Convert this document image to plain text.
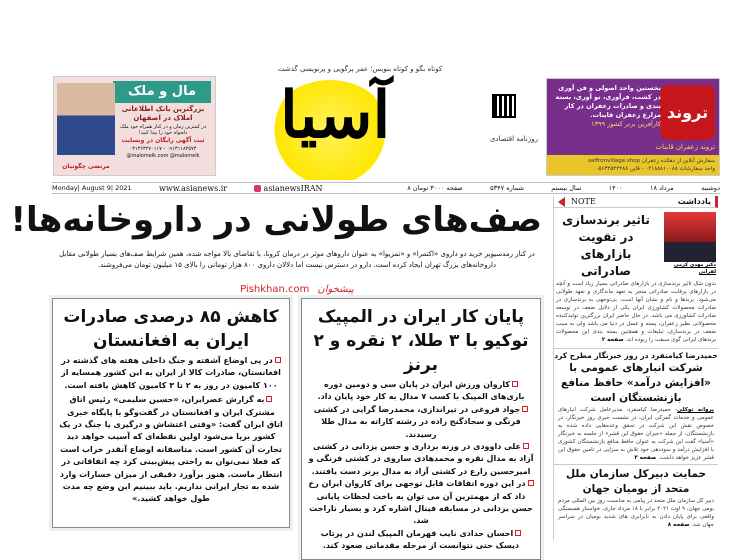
مال و ملک
بزرگترین بانک اطلاعاتی املاک در اصفهان
در کمترین زمان و در کنار همراه خود ملک دلخواه خود را پیدا کنید!
ثبت آگهی رایگان در وبسایت
۰۹۱۳۱۱۸۳۵۷۳ - ۰۳۱۳۶۳۲۷۰۱۱۷
@malomelk.com @malomelk
مرتضی چگونیان
کوتاه بگو و کوتاه بنویس؛ عمر پرگویی و پرنویسی گذشت
آسیا	روزنامه اقتصادی
تروند
نخستین واحد اصولی و فن آوری در کشت، فرآوری، نو آوری، بسته بندی و صادرات زعفران در کار مزارع زعفران قاینات.
کارآفرین برتر کشور ۱۳۹۹
تروند زعفران قاینات
سفارش آنلاین از دهکده زعفران saffronvillage.shop
واحد سفارشات ۰۲۱۸۸۸۱۰۰۸۸ - قاین ۰۵۶۳۲۵۴۲۴۸۸
Monday| August 9| 2021	www.asianews.ir	asianewsIRAN	۸ صفحه ۳۰۰۰ تومان	شماره ۵۳۴۷	سال بیستم	۱۴۰۰	۱۸ مرداد	دوشنبه
صف‌های طولانی در داروخانه‌ها!
در کنار رمدسیویر خرید دو داروی «اکتمرا» و «تمزیوا» به عنوان داروهای موثر در درمان کرونا، با تقاضای بالا مواجه شده، همین شرایط صف‌های بسیار طولانی مقابل داروخانه‌های بزرگ تهران ایجاد کرده است. دارو در دسترس نیست اما دلالان داروی ۸۰۰ هزار تومانی را بالای ۱۵ میلیون تومان می‌فروشند.
Pishkhan.com پیشخوان
کاهش ۸۵ درصدی صادرات ایران به افغانستان

در پی اوضاع آشفته و جنگ داخلی هفته های گذشته در افغانستان، صادرات کالا از ایران به این کشور همسایه از ۱۰۰ کامیون در روز به ۲ تا ۳ کامیون کاهش یافته است.

به گزارش عصرایران، «حسین سلیمی» رئیس اتاق مشترک ایران و افغانستان در گفت‌وگو با پایگاه خبری اتاق ایران گفت: «وقتی اغتشاش و درگیری یا جنگ در یک کشور برپا می‌شود اولین نقطه‌ای که آسیب خواهد دید تجارت آن کشور است. متاسفانه اوضاع آنقدر خراب است که فعلا نمی‌توان به راحتی پیش‌بینی کرد چه اتفاقاتی در انتظار ماست. هنوز برآورد دقیقی از میزان خسارات وارد شده به تجار ایرانی نداریم. باید ببینیم این وضع چه مدت طول خواهد کشید.»

پایان کار ایران در المپیک توکیو با ۳ طلا، ۲ نقره و ۲ برنز

کاروان ورزش ایران در پایان سی و دومین دوره بازی‌های المپیک با کسب ۷ مدال به کار خود پایان داد.

جواد فروغی در تیراندازی، محمدرضا گرایی در کشتی فرنگی و سجادگنج زاده در رشته کاراته به مدال طلا رسیدند.

علی داوودی در وزنه برداری و حسن یزدانی در کشتی آزاد به مدال نقره و محمدهادی ساروی در کشتی فرنگی و امیرحسین زارع در کشتی آزاد به مدال برنز دست یافتند.

در این دوره اتفاقات قابل توجهی برای کاروان ایران رخ داد که از مهمترین آن می توان به باخت لحظات پایانی حسن یزدانی در مسابقه فینال اشاره کرد و بسیار ناراحت شد.

احسان حدادی نایب قهرمان المپیک لندن در پرتاب دیسک حتی نتوانست از مرحله مقدماتی صعود کند.

یادداشت
NOTE
دکتر مهدی کرمی لقرابی
تاثیر برندسازی در تقویت بازارهای صادراتی
بدون شک تاثیر برندسازی در بازارهای صادراتی بسیار زیاد است و آنچه در بازارهای پرقابت صادراتی منجر به تعهد ماندگاری و تعهد طولانی می‌شود، برندها و نام و نشان آنها است. بی‌توجهی به برندسازی در صادرات محصولات کشاورزی ایران یکی از دلایل ضعف در توسعه صادرات کشاورزی می باشد. در حال حاضر ایران بزرگترین تولیدکننده محصولاتی نظیر زعفران، پسته و عسل در دنیا می باشد ولی به سبب ضعف در برندسازی، تبلیغات و همچنین بسته بندی این محصولات برندهای ایرانی گوی سبقت را ربوده اند. صفحه ۲
حمیدرضا کیامنفرد در روز خبرنگار مطرح کرد
شرکت انبارهای عمومی با «افزایش درآمد» حافظ منافع بازنشستگان است
پروانه توکلی- حمیدرضا کیامنفرد، مدیرعامل شرکت انبارهای عمومی و خدمات گمرکی ایران، در نشست خبری روز خبرنگار، در خصوص نقش این شرکت در تحقق وعده‌هایی داده شده به بازنشستگان، از جمله «جبران حقوق این قشر» از جلسه به خبرنگار «آسیا» گفت این شرکت به عنوان حافظ منافع بازنشستگان کشوری با افزایش درآمد و سوددهی خود تلاش به سزایی در تامین حقوق این قشر عزیز خواهد داشت. صفحه ۳
حمایت دبیرکل سازمان ملل متحد از بومیان جهان
دبیر کل سازمان ملل متحد در پیامی به مناسبت روز بین المللی مردم بومی جهان، ۹ اوت ۲۰۲۱ برابر با ۱۸ مرداد جاری، خواستار همبستگی واقعی برای پایان دادن به نابرابری های شدید بومیان در سراسر جهان شد. صفحه ۸
